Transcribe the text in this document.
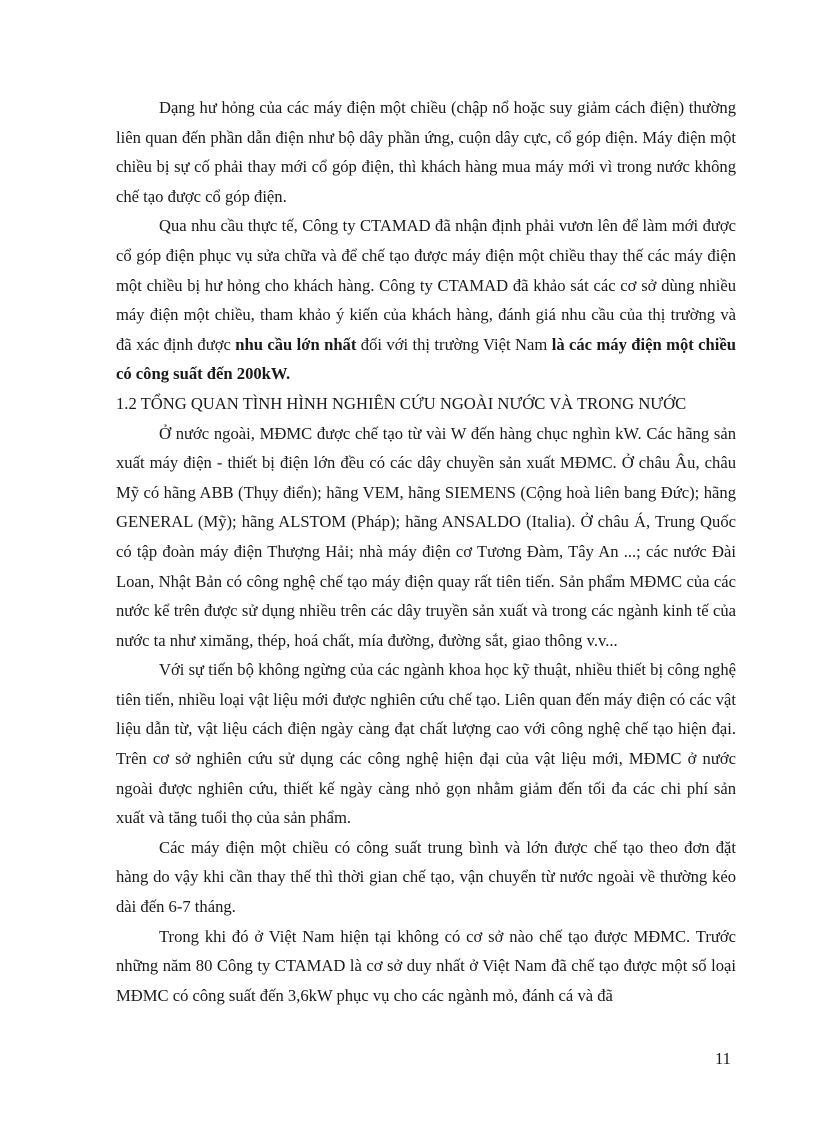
Dạng hư hỏng của các máy điện một chiều (chập nổ hoặc suy giảm cách điện) thường liên quan đến phần dẫn điện như bộ dây phần ứng, cuộn dây cực, cổ góp điện. Máy điện một chiều bị sự cố phải thay mới cổ góp điện, thì khách hàng mua máy mới vì trong nước không chế tạo được cổ góp điện.

Qua nhu cầu thực tế, Công ty CTAMAD đã nhận định phải vươn lên để làm mới được cổ góp điện phục vụ sửa chữa và để chế tạo được máy điện một chiều thay thế các máy điện một chiều bị hư hỏng cho khách hàng. Công ty CTAMAD đã khảo sát các cơ sở dùng nhiều máy điện một chiều, tham khảo ý kiến của khách hàng, đánh giá nhu cầu của thị trường và đã xác định được nhu cầu lớn nhất đối với thị trường Việt Nam là các máy điện một chiều có công suất đến 200kW.

1.2 TỔNG QUAN TÌNH HÌNH NGHIÊN CỨU NGOÀI NƯỚC VÀ TRONG NƯỚC

Ở nước ngoài, MĐMC được chế tạo từ vài W đến hàng chục nghìn kW. Các hãng sản xuất máy điện - thiết bị điện lớn đều có các dây chuyền sản xuất MĐMC. Ở châu Âu, châu Mỹ có hãng ABB (Thụy điển); hãng VEM, hãng SIEMENS (Cộng hoà liên bang Đức); hãng GENERAL (Mỹ); hãng ALSTOM (Pháp); hãng ANSALDO (Italia). Ở châu Á, Trung Quốc có tập đoàn máy điện Thượng Hải; nhà máy điện cơ Tương Đàm, Tây An ...; các nước Đài Loan, Nhật Bản có công nghệ chế tạo máy điện quay rất tiên tiến. Sản phẩm MĐMC của các nước kể trên được sử dụng nhiều trên các dây truyền sản xuất và trong các ngành kinh tế của nước ta như ximăng, thép, hoá chất, mía đường, đường sắt, giao thông v.v...

Với sự tiến bộ không ngừng của các ngành khoa học kỹ thuật, nhiều thiết bị công nghệ tiên tiến, nhiều loại vật liệu mới được nghiên cứu chế tạo. Liên quan đến máy điện có các vật liệu dẫn từ, vật liệu cách điện ngày càng đạt chất lượng cao với công nghệ chế tạo hiện đại. Trên cơ sở nghiên cứu sử dụng các công nghệ hiện đại của vật liệu mới, MĐMC ở nước ngoài được nghiên cứu, thiết kế ngày càng nhỏ gọn nhằm giảm đến tối đa các chi phí sản xuất và tăng tuổi thọ của sản phẩm.

Các máy điện một chiều có công suất trung bình và lớn được chế tạo theo đơn đặt hàng do vậy khi cần thay thế thì thời gian chế tạo, vận chuyển từ nước ngoài về thường kéo dài đến 6-7 tháng.

Trong khi đó ở Việt Nam hiện tại không có cơ sở nào chế tạo được MĐMC. Trước những năm 80 Công ty CTAMAD là cơ sở duy nhất ở Việt Nam đã chế tạo được một số loại MĐMC có công suất đến 3,6kW phục vụ cho các ngành mỏ, đánh cá và đã

11
